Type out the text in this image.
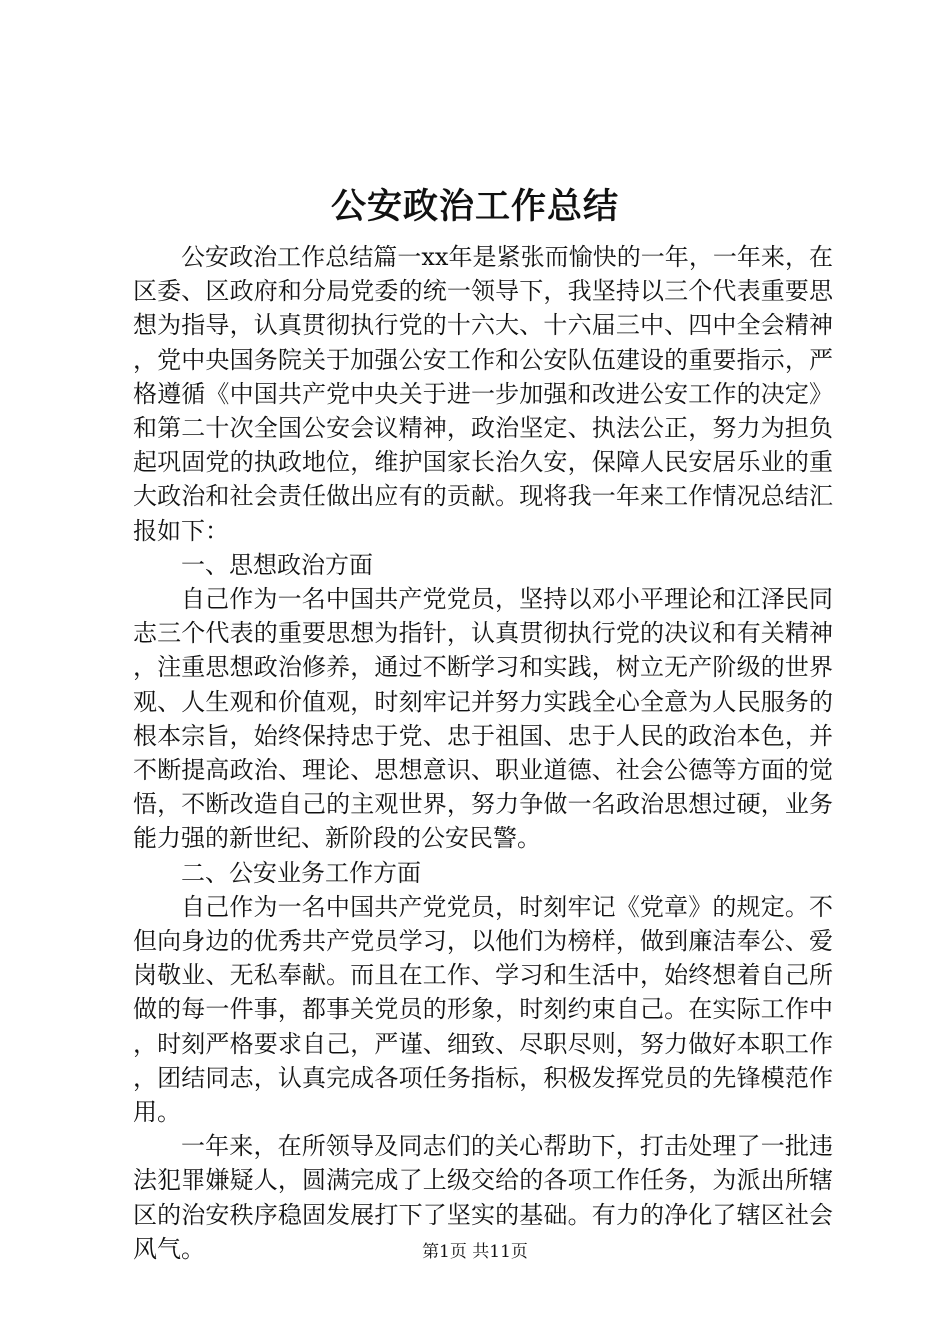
公安政治工作总结

公安政治工作总结篇一xx年是紧张而愉快的一年，一年来，在区委、区政府和分局党委的统一领导下，我坚持以三个代表重要思想为指导，认真贯彻执行党的十六大、十六届三中、四中全会精神，党中央国务院关于加强公安工作和公安队伍建设的重要指示，严格遵循《中国共产党中央关于进一步加强和改进公安工作的决定》和第二十次全国公安会议精神，政治坚定、执法公正，努力为担负起巩固党的执政地位，维护国家长治久安，保障人民安居乐业的重大政治和社会责任做出应有的贡献。现将我一年来工作情况总结汇报如下：

一、思想政治方面

自己作为一名中国共产党党员，坚持以邓小平理论和江泽民同志三个代表的重要思想为指针，认真贯彻执行党的决议和有关精神，注重思想政治修养，通过不断学习和实践，树立无产阶级的世界观、人生观和价值观，时刻牢记并努力实践全心全意为人民服务的根本宗旨，始终保持忠于党、忠于祖国、忠于人民的政治本色，并不断提高政治、理论、思想意识、职业道德、社会公德等方面的觉悟，不断改造自己的主观世界，努力争做一名政治思想过硬，业务能力强的新世纪、新阶段的公安民警。

二、公安业务工作方面

自己作为一名中国共产党党员，时刻牢记《党章》的规定。不但向身边的优秀共产党员学习，以他们为榜样，做到廉洁奉公、爱岗敬业、无私奉献。而且在工作、学习和生活中，始终想着自己所做的每一件事，都事关党员的形象，时刻约束自己。在实际工作中，时刻严格要求自己，严谨、细致、尽职尽则，努力做好本职工作，团结同志，认真完成各项任务指标，积极发挥党员的先锋模范作用。

一年来，在所领导及同志们的关心帮助下，打击处理了一批违法犯罪嫌疑人，圆满完成了上级交给的各项工作任务，为派出所辖区的治安秩序稳固发展打下了坚实的基础。有力的净化了辖区社会风气。	第1页 共11页
